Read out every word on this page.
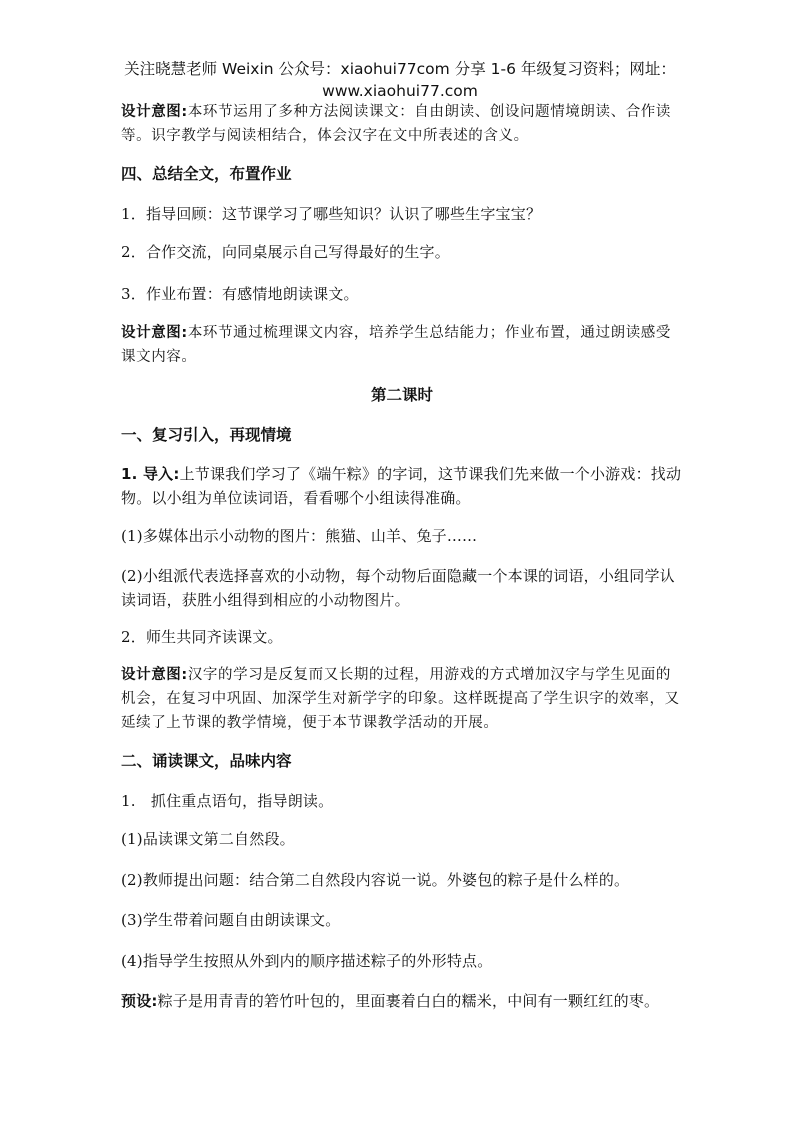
关注晓慧老师 Weixin 公众号：xiaohui77com 分享 1-6 年级复习资料；网址：
www.xiaohui77.com

设计意图:本环节运用了多种方法阅读课文：自由朗读、创设问题情境朗读、合作读等。识字教学与阅读相结合，体会汉字在文中所表述的含义。

四、总结全文，布置作业

1．指导回顾：这节课学习了哪些知识？认识了哪些生字宝宝？

2．合作交流，向同桌展示自己写得最好的生字。

3．作业布置：有感情地朗读课文。

设计意图:本环节通过梳理课文内容，培养学生总结能力；作业布置，通过朗读感受课文内容。

第二课时

一、复习引入，再现情境

1. 导入:上节课我们学习了《端午粽》的字词，这节课我们先来做一个小游戏：找动物。以小组为单位读词语，看看哪个小组读得准确。

(1)多媒体出示小动物的图片：熊猫、山羊、兔子……

(2)小组派代表选择喜欢的小动物，每个动物后面隐藏一个本课的词语，小组同学认读词语，获胜小组得到相应的小动物图片。

2．师生共同齐读课文。

设计意图:汉字的学习是反复而又长期的过程，用游戏的方式增加汉字与学生见面的机会，在复习中巩固、加深学生对新学字的印象。这样既提高了学生识字的效率，又延续了上节课的教学情境，便于本节课教学活动的开展。

二、诵读课文，品味内容

1.　抓住重点语句，指导朗读。

(1)品读课文第二自然段。

(2)教师提出问题：结合第二自然段内容说一说。外婆包的粽子是什么样的。

(3)学生带着问题自由朗读课文。

(4)指导学生按照从外到内的顺序描述粽子的外形特点。

预设:粽子是用青青的箬竹叶包的，里面裹着白白的糯米，中间有一颗红红的枣。
